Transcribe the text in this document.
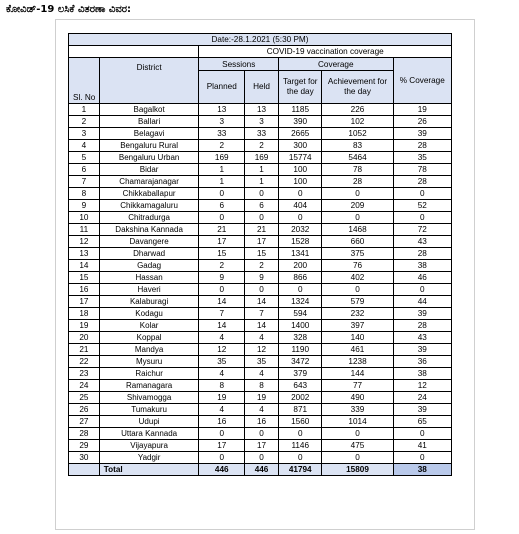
ಕೋವಿಡ್-19 ಲಸಿಕೆ ವಿತರಣಾ ವಿವರ:
Date:-28.1.2021 (5:30 PM)						
		COVID-19 vaccination coverage				
Sl. No	District	Sessions		Coverage		% Coverage
		Planned	Held	Target for the day	Achievement for the day	
1	Bagalkot	13	13	1185	226	19
2	Ballari	3	3	390	102	26
3	Belagavi	33	33	2665	1052	39
4	Bengaluru Rural	2	2	300	83	28
5	Bengaluru Urban	169	169	15774	5464	35
6	Bidar	1	1	100	78	78
7	Chamarajanagar	1	1	100	28	28
8	Chikkaballapur	0	0	0	0	0
9	Chikkamagaluru	6	6	404	209	52
10	Chitradurga	0	0	0	0	0
11	Dakshina Kannada	21	21	2032	1468	72
12	Davangere	17	17	1528	660	43
13	Dharwad	15	15	1341	375	28
14	Gadag	2	2	200	76	38
15	Hassan	9	9	866	402	46
16	Haveri	0	0	0	0	0
17	Kalaburagi	14	14	1324	579	44
18	Kodagu	7	7	594	232	39
19	Kolar	14	14	1400	397	28
20	Koppal	4	4	328	140	43
21	Mandya	12	12	1190	461	39
22	Mysuru	35	35	3472	1238	36
23	Raichur	4	4	379	144	38
24	Ramanagara	8	8	643	77	12
25	Shivamogga	19	19	2002	490	24
26	Tumakuru	4	4	871	339	39
27	Udupi	16	16	1560	1014	65
28	Uttara Kannada	0	0	0	0	0
29	Vijayapura	17	17	1146	475	41
30	Yadgir	0	0	0	0	0
	Total	446	446	41794	15809	38
